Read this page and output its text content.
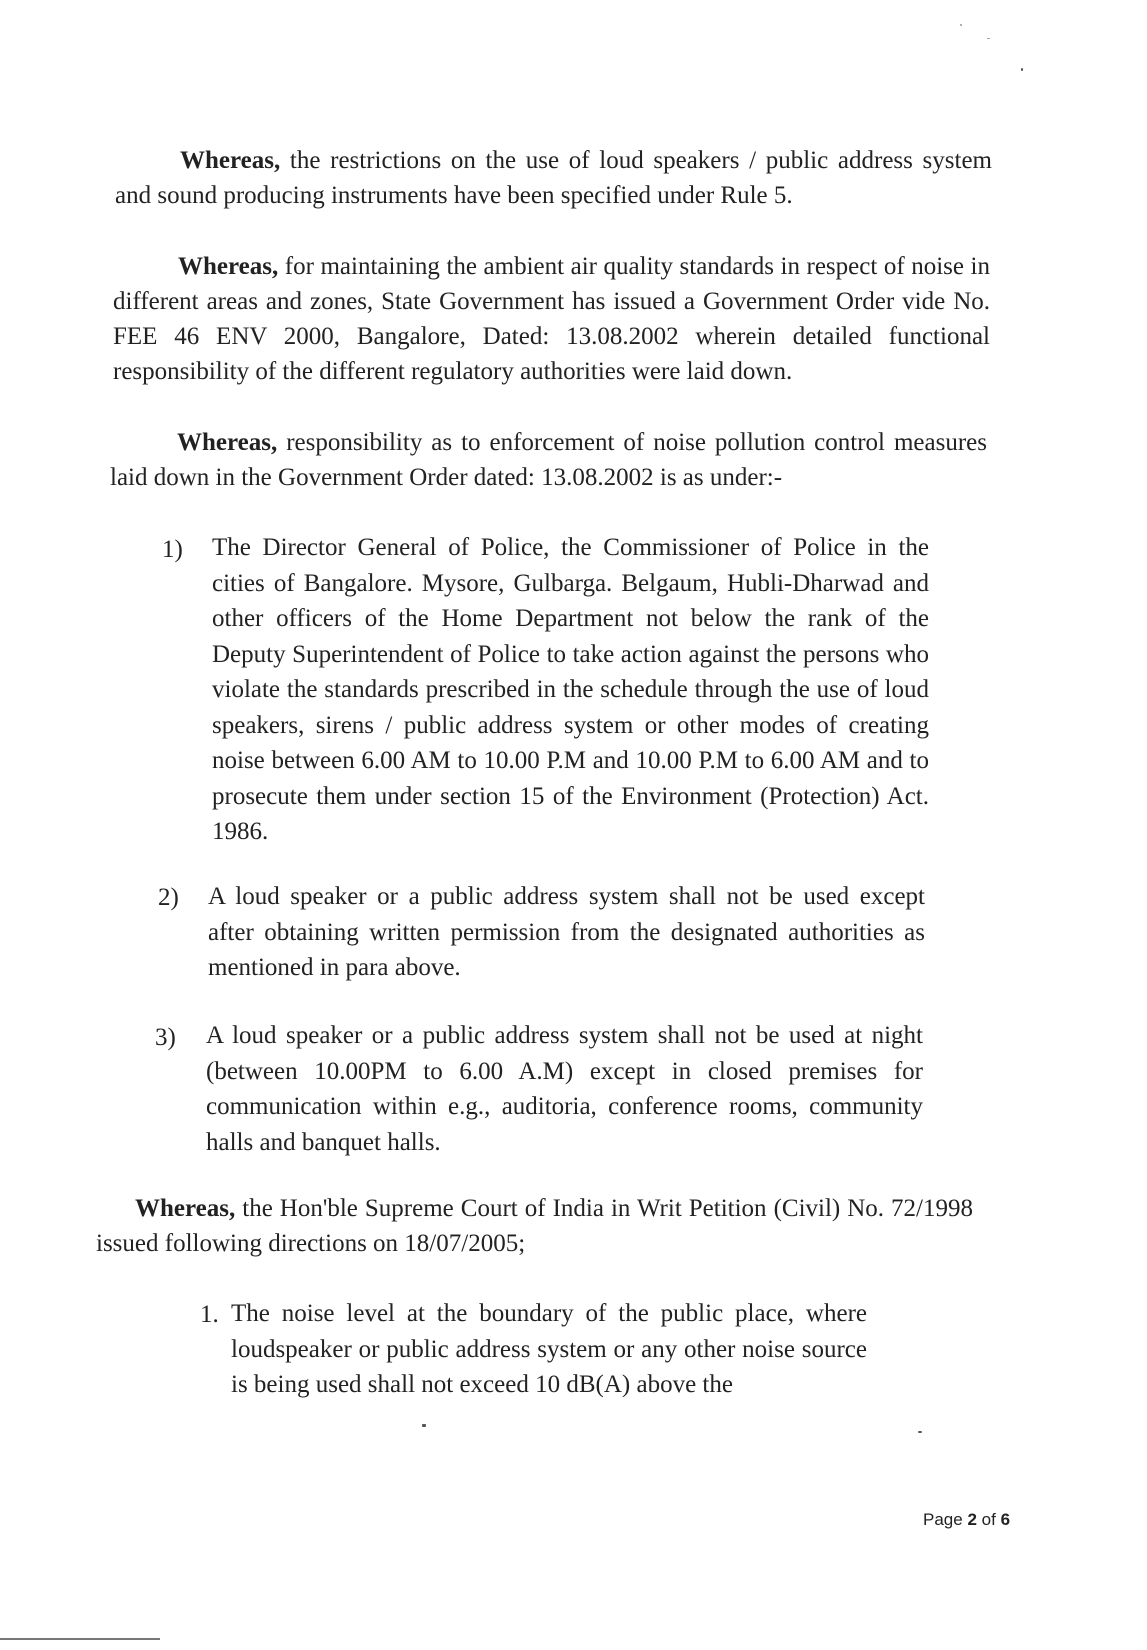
Whereas, the restrictions on the use of loud speakers / public address system and sound producing instruments have been specified under Rule 5.

Whereas, for maintaining the ambient air quality standards in respect of noise in different areas and zones, State Government has issued a Government Order vide No. FEE 46 ENV 2000, Bangalore, Dated: 13.08.2002 wherein detailed functional responsibility of the different regulatory authorities were laid down.

Whereas, responsibility as to enforcement of noise pollution control measures laid down in the Government Order dated: 13.08.2002 is as under:-

1) The Director General of Police, the Commissioner of Police in the cities of Bangalore. Mysore, Gulbarga. Belgaum, Hubli-Dharwad and other officers of the Home Department not below the rank of the Deputy Superintendent of Police to take action against the persons who violate the standards prescribed in the schedule through the use of loud speakers, sirens / public address system or other modes of creating noise between 6.00 AM to 10.00 P.M and 10.00 P.M to 6.00 AM and to prosecute them under section 15 of the Environment (Protection) Act. 1986.

2) A loud speaker or a public address system shall not be used except after obtaining written permission from the designated authorities as mentioned in para above.

3) A loud speaker or a public address system shall not be used at night (between 10.00PM to 6.00 A.M) except in closed premises for communication within e.g., auditoria, conference rooms, community halls and banquet halls.

Whereas, the Hon'ble Supreme Court of India in Writ Petition (Civil) No. 72/1998 issued following directions on 18/07/2005;

1. The noise level at the boundary of the public place, where loudspeaker or public address system or any other noise source is being used shall not exceed 10 dB(A) above the

Page 2 of 6
